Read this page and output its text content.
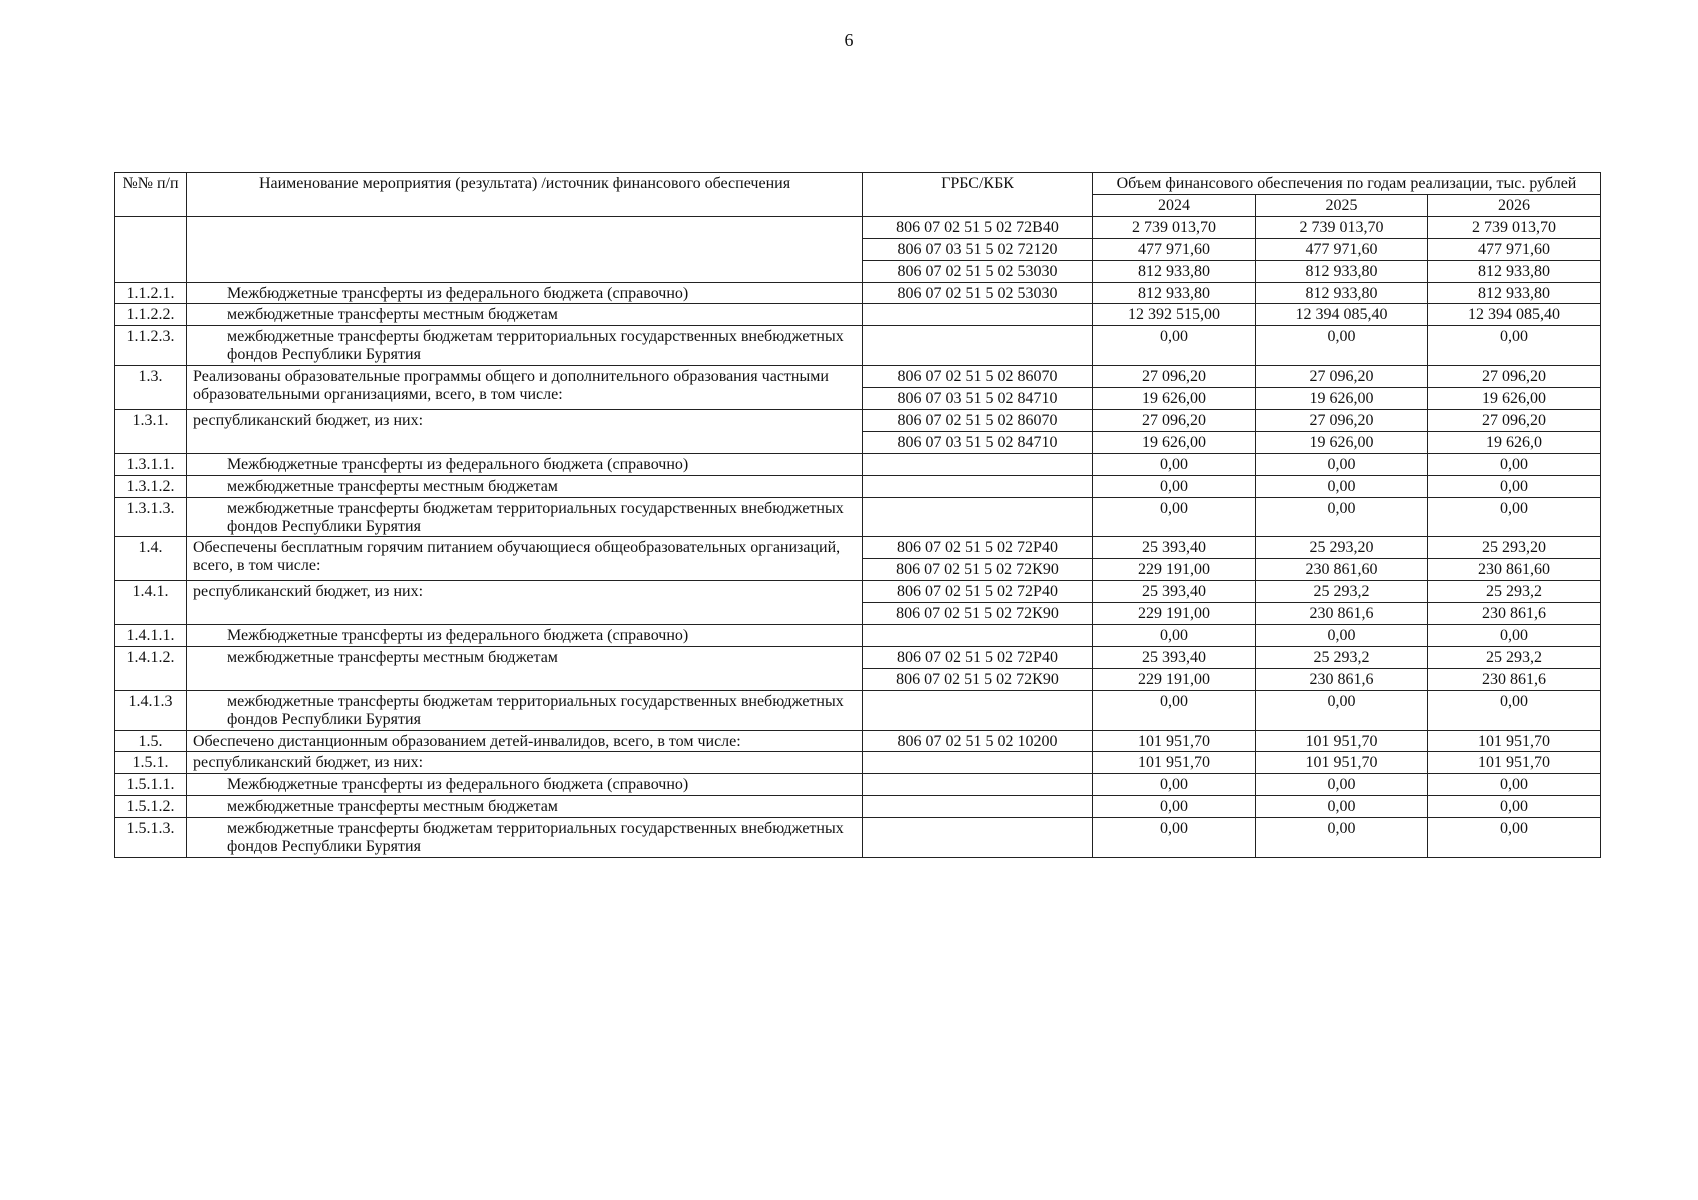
6
№№ п/п	Наименование мероприятия (результата) /источник финансового обеспечения	ГРБС/КБК	Объем финансового обеспечения по годам реализации, тыс. рублей		
			2024	2025	2026
		806 07 02 51 5 02 72В40	2 739 013,70	2 739 013,70	2 739 013,70
		806 07 03 51 5 02 72120	477 971,60	477 971,60	477 971,60
		806 07 02 51 5 02 53030	812 933,80	812 933,80	812 933,80
1.1.2.1.	Межбюджетные трансферты из федерального бюджета (справочно)	806 07 02 51 5 02 53030	812 933,80	812 933,80	812 933,80
1.1.2.2.	межбюджетные трансферты местным бюджетам		12 392 515,00	12 394 085,40	12 394 085,40
1.1.2.3.	межбюджетные трансферты бюджетам территориальных государственных внебюджетных фондов Республики Бурятия		0,00	0,00	0,00
1.3.	Реализованы образовательные программы общего и дополнительного образования частными образовательными организациями, всего, в том числе:	806 07 02 51 5 02 86070	27 096,20	27 096,20	27 096,20
		806 07 03 51 5 02 84710	19 626,00	19 626,00	19 626,00
1.3.1.	республиканский бюджет, из них:	806 07 02 51 5 02 86070	27 096,20	27 096,20	27 096,20
		806 07 03 51 5 02 84710	19 626,00	19 626,00	19 626,0
1.3.1.1.	Межбюджетные трансферты из федерального бюджета (справочно)		0,00	0,00	0,00
1.3.1.2.	межбюджетные трансферты местным бюджетам		0,00	0,00	0,00
1.3.1.3.	межбюджетные трансферты бюджетам территориальных государственных внебюджетных фондов Республики Бурятия		0,00	0,00	0,00
1.4.	Обеспечены бесплатным горячим питанием обучающиеся общеобразовательных организаций, всего, в том числе:	806 07 02 51 5 02 72Р40	25 393,40	25 293,20	25 293,20
		806 07 02 51 5 02 72К90	229 191,00	230 861,60	230 861,60
1.4.1.	республиканский бюджет, из них:	806 07 02 51 5 02 72Р40	25 393,40	25 293,2	25 293,2
		806 07 02 51 5 02 72К90	229 191,00	230 861,6	230 861,6
1.4.1.1.	Межбюджетные трансферты из федерального бюджета (справочно)		0,00	0,00	0,00
1.4.1.2.	межбюджетные трансферты местным бюджетам	806 07 02 51 5 02 72Р40	25 393,40	25 293,2	25 293,2
		806 07 02 51 5 02 72К90	229 191,00	230 861,6	230 861,6
1.4.1.3	межбюджетные трансферты бюджетам территориальных государственных внебюджетных фондов Республики Бурятия		0,00	0,00	0,00
1.5.	Обеспечено дистанционным образованием детей-инвалидов, всего, в том числе:	806 07 02 51 5 02 10200	101 951,70	101 951,70	101 951,70
1.5.1.	республиканский бюджет, из них:		101 951,70	101 951,70	101 951,70
1.5.1.1.	Межбюджетные трансферты из федерального бюджета (справочно)		0,00	0,00	0,00
1.5.1.2.	межбюджетные трансферты местным бюджетам		0,00	0,00	0,00
1.5.1.3.	межбюджетные трансферты бюджетам территориальных государственных внебюджетных фондов Республики Бурятия		0,00	0,00	0,00
